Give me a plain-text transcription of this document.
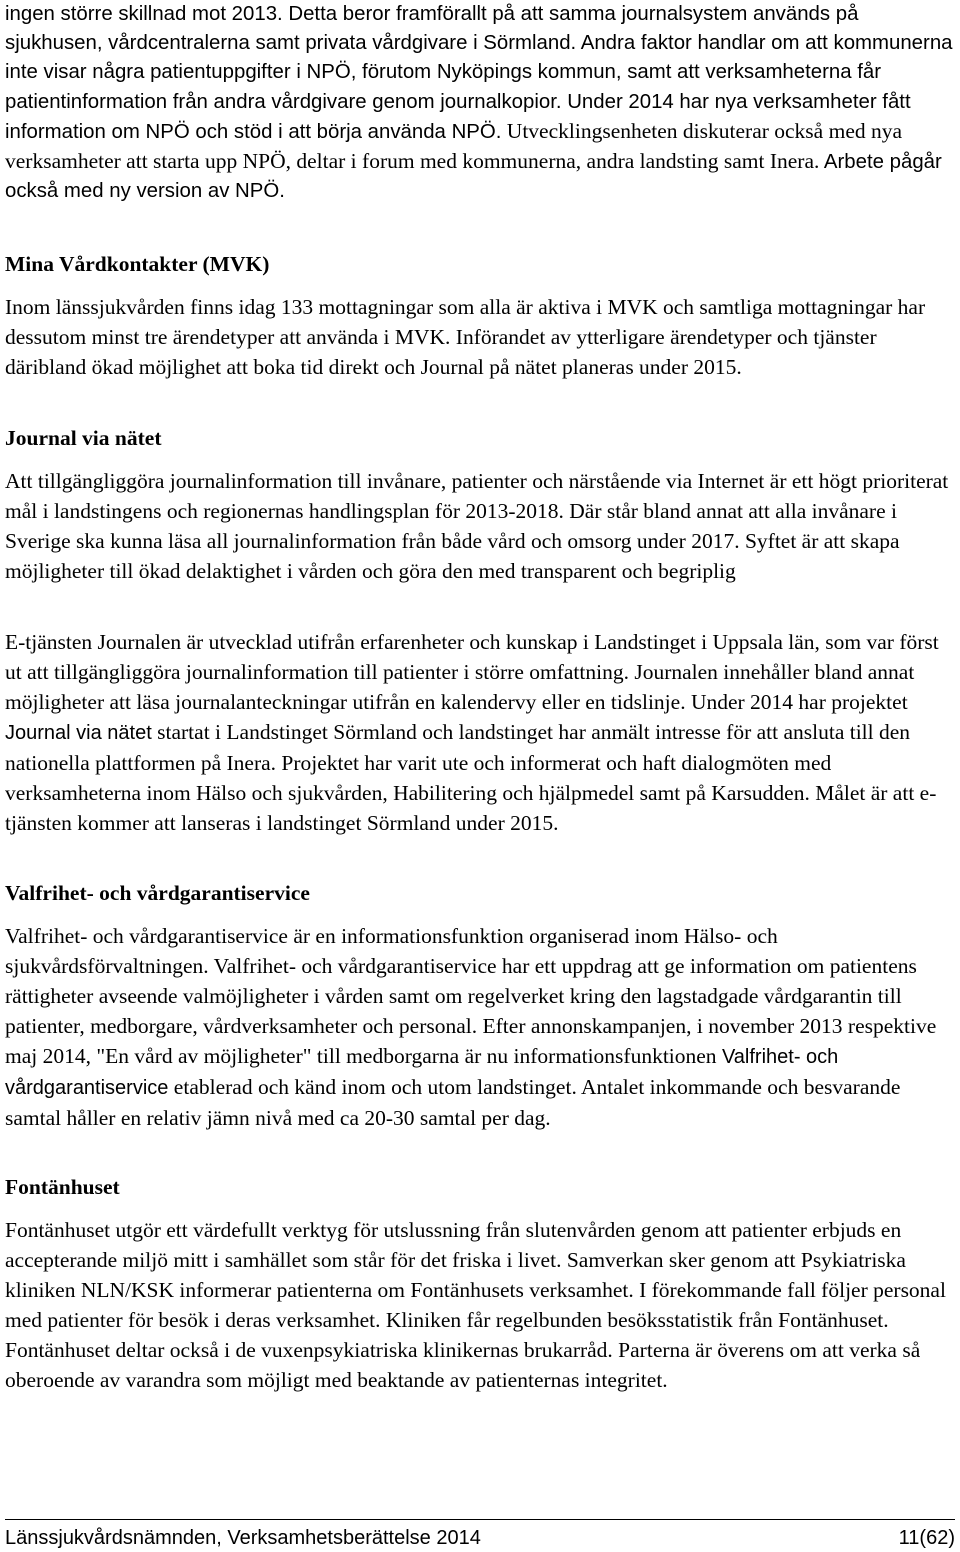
ingen större skillnad mot 2013. Detta beror framförallt på att samma journalsystem används på sjukhusen, vårdcentralerna samt privata vårdgivare i Sörmland. Andra faktor handlar om att kommunerna inte visar några patientuppgifter i NPÖ, förutom Nyköpings kommun, samt att verksamheterna får patientinformation från andra vårdgivare genom journalkopior. Under 2014 har nya verksamheter fått information om NPÖ och stöd i att börja använda NPÖ. Utvecklingsenheten diskuterar också med nya verksamheter att starta upp NPÖ, deltar i forum med kommunerna, andra landsting samt Inera. Arbete pågår också med ny version av NPÖ.

Mina Vårdkontakter (MVK)

Inom länssjukvården finns idag 133 mottagningar som alla är aktiva i MVK och samtliga mottagningar har dessutom minst tre ärendetyper att använda i MVK. Införandet av ytterligare ärendetyper och tjänster däribland ökad möjlighet att boka tid direkt och Journal på nätet planeras under 2015.

Journal via nätet

Att tillgängliggöra journalinformation till invånare, patienter och närstående via Internet är ett högt prioriterat mål i landstingens och regionernas handlingsplan för 2013-2018. Där står bland annat att alla invånare i Sverige ska kunna läsa all journalinformation från både vård och omsorg under 2017. Syftet är att skapa möjligheter till ökad delaktighet i vården och göra den med transparent och begriplig

E-tjänsten Journalen är utvecklad utifrån erfarenheter och kunskap i Landstinget i Uppsala län, som var först ut att tillgängliggöra journalinformation till patienter i större omfattning. Journalen innehåller bland annat möjligheter att läsa journalanteckningar utifrån en kalendervy eller en tidslinje. Under 2014 har projektet Journal via nätet startat i Landstinget Sörmland och landstinget har anmält intresse för att ansluta till den nationella plattformen på Inera. Projektet har varit ute och informerat och haft dialogmöten med verksamheterna inom Hälso och sjukvården, Habilitering och hjälpmedel samt på Karsudden. Målet är att e-tjänsten kommer att lanseras i landstinget Sörmland under 2015.

Valfrihet- och vårdgarantiservice

Valfrihet- och vårdgarantiservice är en informationsfunktion organiserad inom Hälso- och sjukvårdsförvaltningen. Valfrihet- och vårdgarantiservice har ett uppdrag att ge information om patientens rättigheter avseende valmöjligheter i vården samt om regelverket kring den lagstadgade vårdgarantin till patienter, medborgare, vårdverksamheter och personal. Efter annonskampanjen, i november 2013 respektive maj 2014, "En vård av möjligheter" till medborgarna är nu informationsfunktionen Valfrihet- och vårdgarantiservice etablerad och känd inom och utom landstinget. Antalet inkommande och besvarande samtal håller en relativ jämn nivå med ca 20-30 samtal per dag.

Fontänhuset

Fontänhuset utgör ett värdefullt verktyg för utslussning från slutenvården genom att patienter erbjuds en accepterande miljö mitt i samhället som står för det friska i livet. Samverkan sker genom att Psykiatriska kliniken NLN/KSK informerar patienterna om Fontänhusets verksamhet. I förekommande fall följer personal med patienter för besök i deras verksamhet. Kliniken får regelbunden besöksstatistik från Fontänhuset. Fontänhuset deltar också i de vuxenpsykiatriska klinikernas brukarråd. Parterna är överens om att verka så oberoende av varandra som möjligt med beaktande av patienternas integritet.

Länssjukvårdsnämnden, Verksamhetsberättelse 2014	11(62)
